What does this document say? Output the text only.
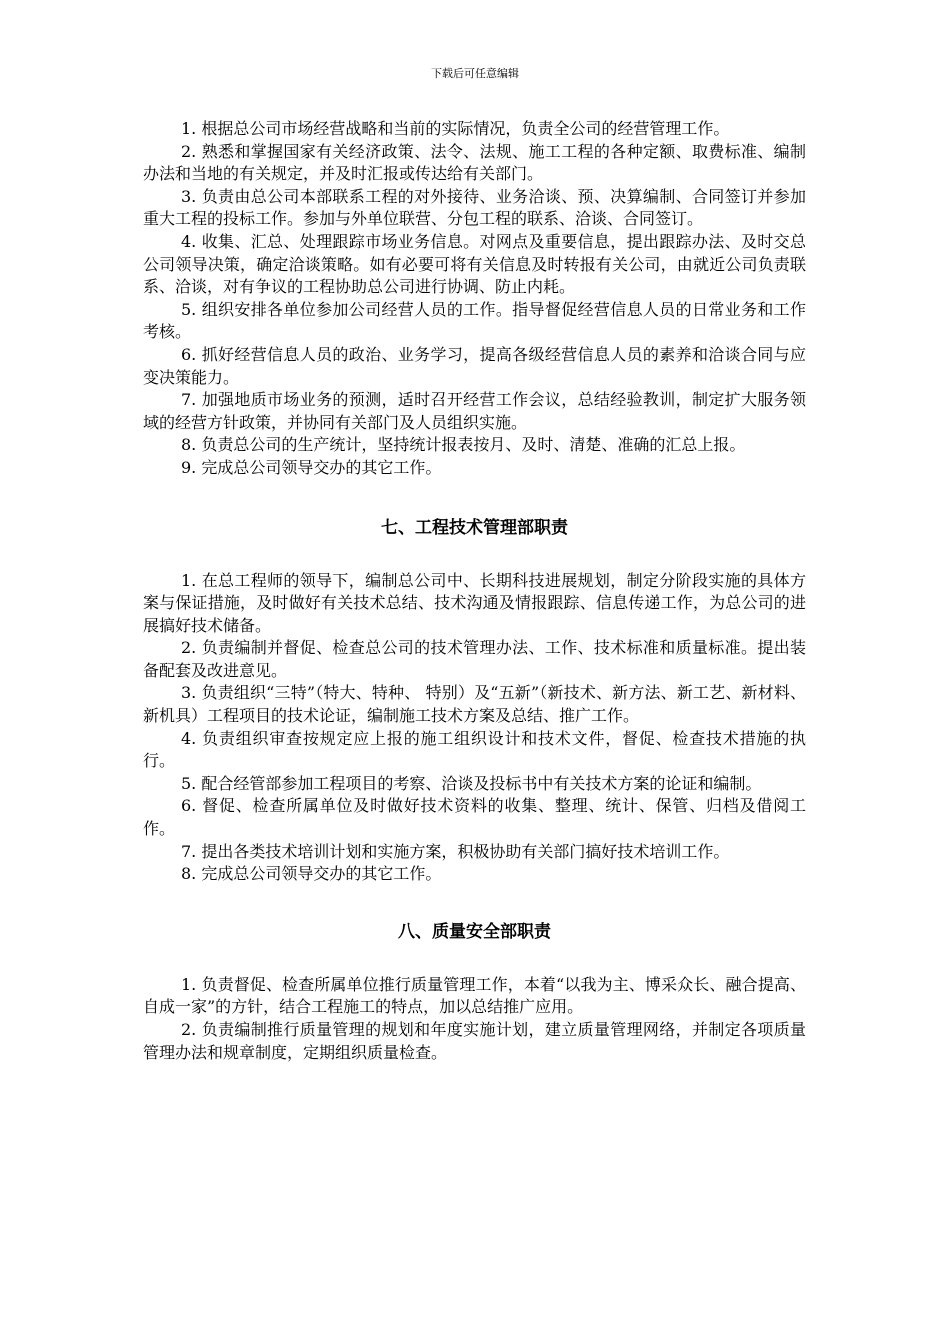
下载后可任意编辑

1. 根据总公司市场经营战略和当前的实际情况，负责全公司的经营管理工作。

2. 熟悉和掌握国家有关经济政策、法令、法规、施工工程的各种定额、取费标准、编制办法和当地的有关规定，并及时汇报或传达给有关部门。

3. 负责由总公司本部联系工程的对外接待、业务洽谈、预、决算编制、合同签订并参加重大工程的投标工作。参加与外单位联营、分包工程的联系、洽谈、合同签订。

4. 收集、汇总、处理跟踪市场业务信息。对网点及重要信息，提出跟踪办法、及时交总公司领导决策，确定洽谈策略。如有必要可将有关信息及时转报有关公司，由就近公司负责联系、洽谈，对有争议的工程协助总公司进行协调、防止内耗。

5. 组织安排各单位参加公司经营人员的工作。指导督促经营信息人员的日常业务和工作考核。

6. 抓好经营信息人员的政治、业务学习，提高各级经营信息人员的素养和洽谈合同与应变决策能力。

7. 加强地质市场业务的预测，适时召开经营工作会议，总结经验教训，制定扩大服务领域的经营方针政策，并协同有关部门及人员组织实施。

8. 负责总公司的生产统计，坚持统计报表按月、及时、清楚、准确的汇总上报。

9. 完成总公司领导交办的其它工作。

七、工程技术管理部职责

1. 在总工程师的领导下，编制总公司中、长期科技进展规划，制定分阶段实施的具体方案与保证措施，及时做好有关技术总结、技术沟通及情报跟踪、信息传递工作，为总公司的进展搞好技术储备。

2. 负责编制并督促、检查总公司的技术管理办法、工作、技术标准和质量标准。提出装备配套及改进意见。

3. 负责组织“三特”（特大、特种、 特别）及“五新”（新技术、新方法、新工艺、新材料、新机具）工程项目的技术论证，编制施工技术方案及总结、推广工作。

4. 负责组织审查按规定应上报的施工组织设计和技术文件，督促、检查技术措施的执行。

5. 配合经管部参加工程项目的考察、洽谈及投标书中有关技术方案的论证和编制。

6. 督促、检查所属单位及时做好技术资料的收集、整理、统计、保管、归档及借阅工作。

7. 提出各类技术培训计划和实施方案，积极协助有关部门搞好技术培训工作。

8. 完成总公司领导交办的其它工作。

八、质量安全部职责

1. 负责督促、检查所属单位推行质量管理工作，本着“以我为主、博采众长、融合提高、自成一家”的方针，结合工程施工的特点，加以总结推广应用。

2. 负责编制推行质量管理的规划和年度实施计划，建立质量管理网络，并制定各项质量管理办法和规章制度，定期组织质量检查。
